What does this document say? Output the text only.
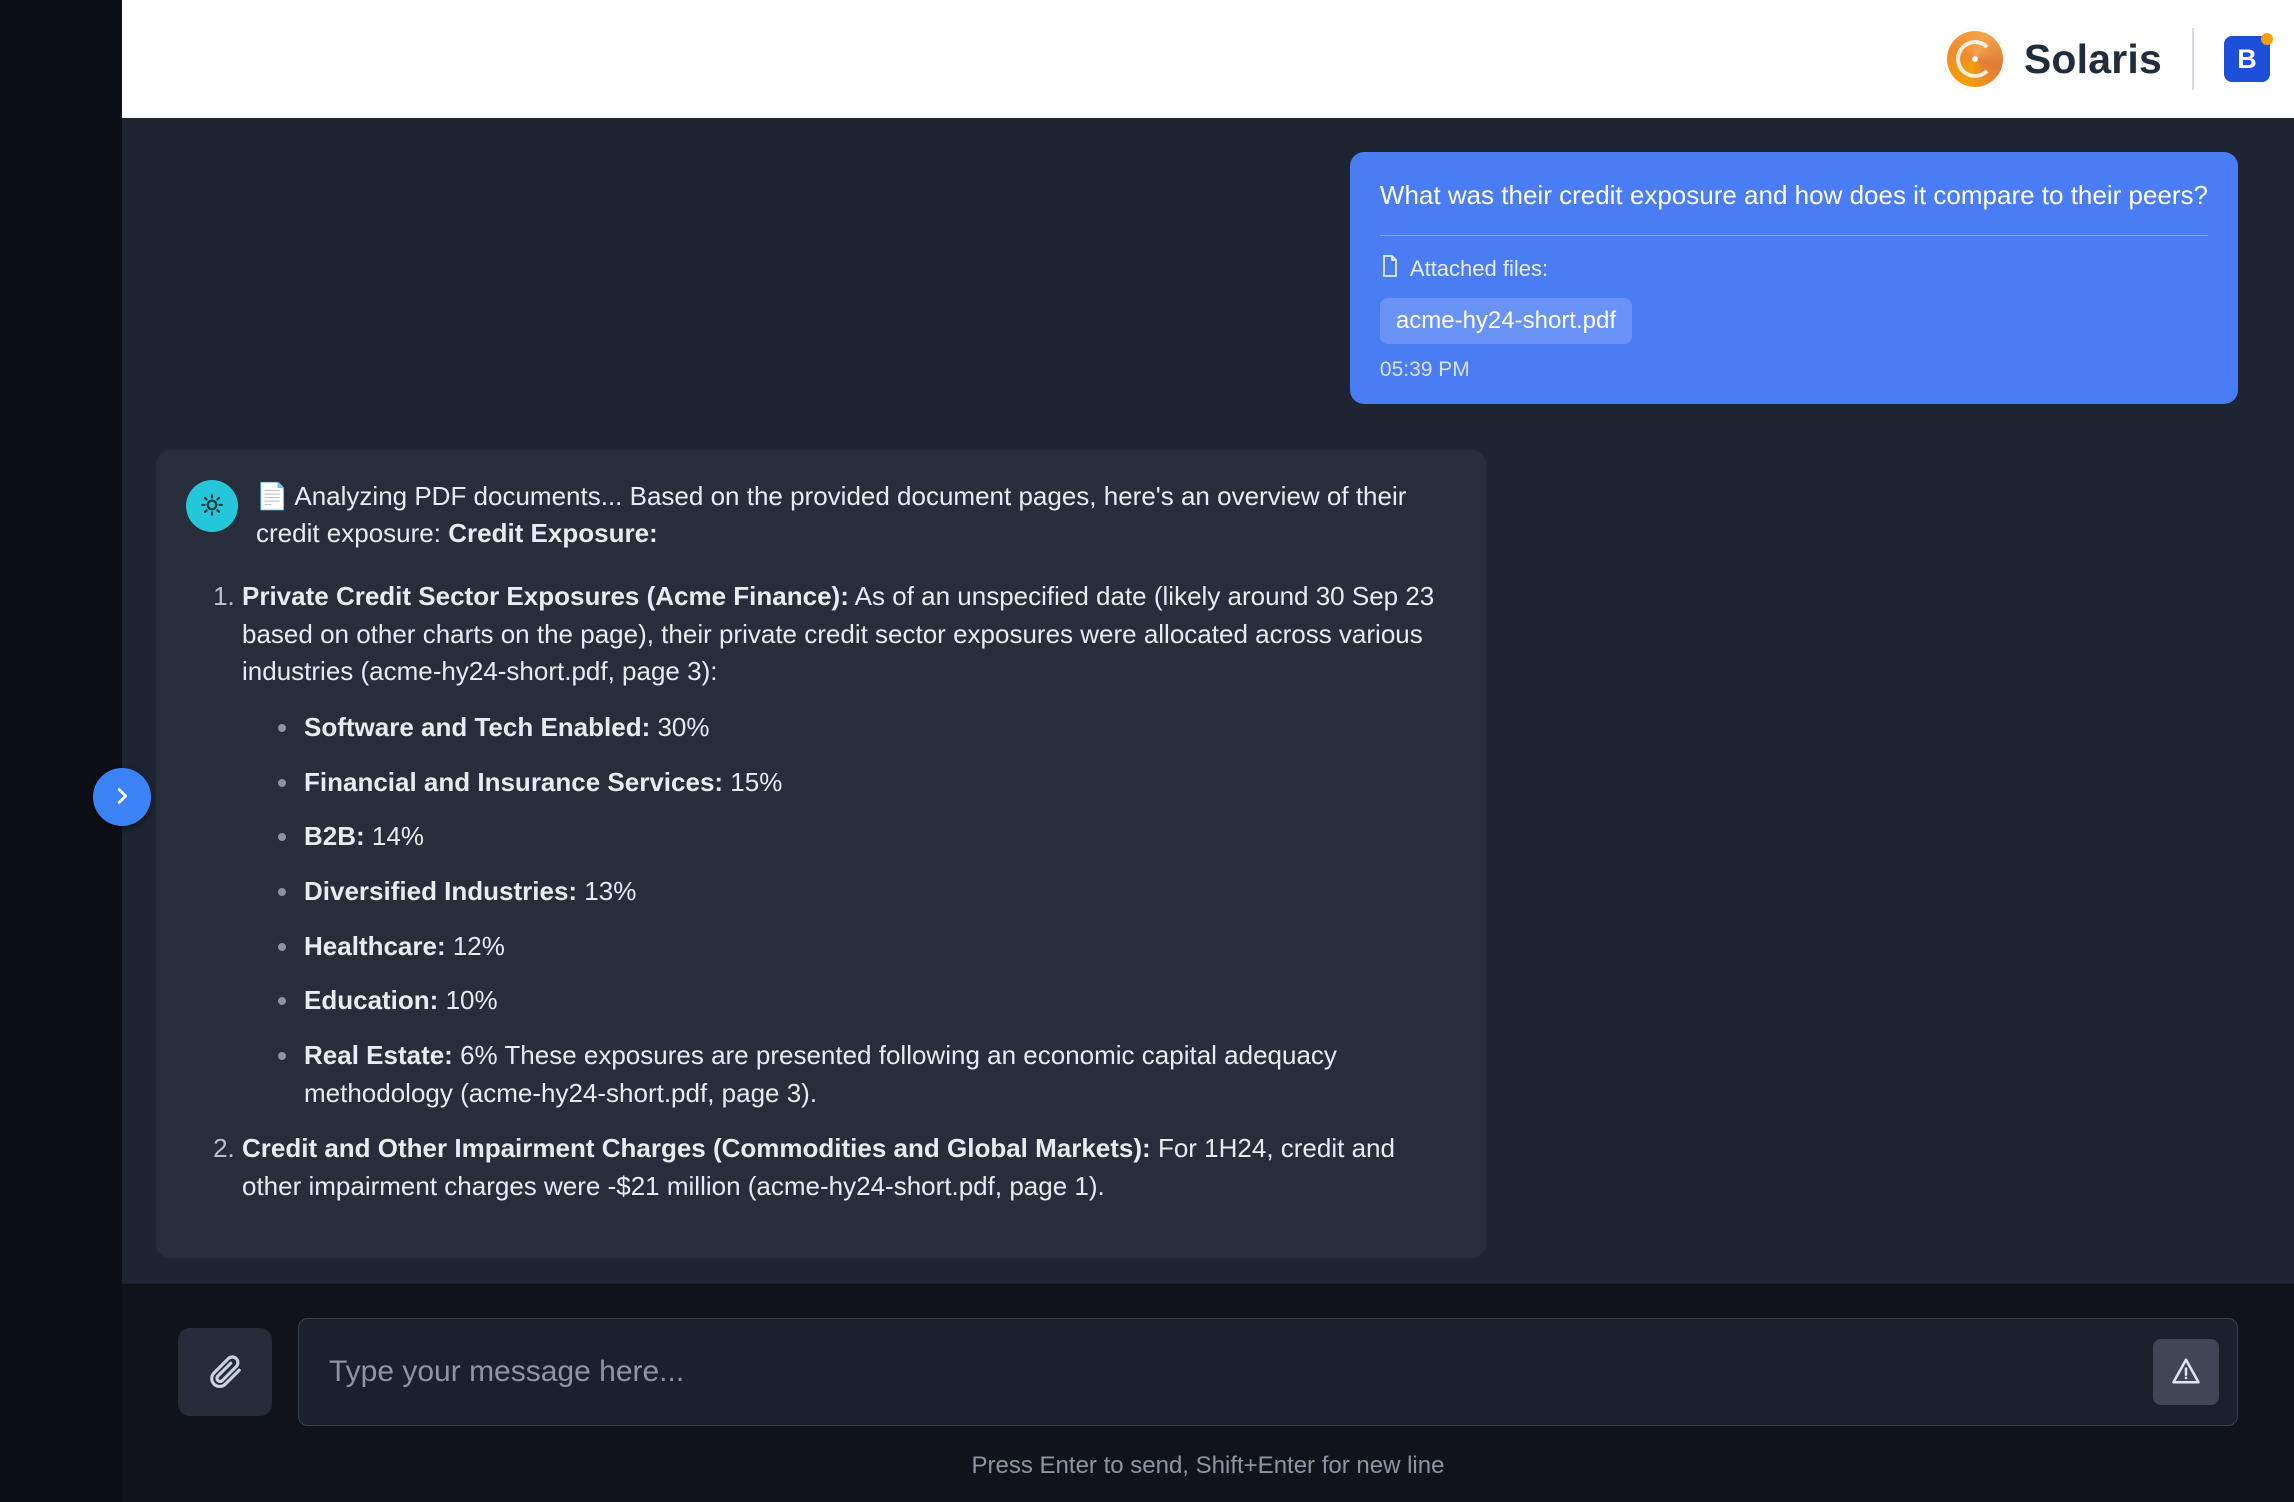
Solaris	B
What was their credit exposure and how does it compare to their peers?
Attached files:
acme-hy24-short.pdf
05:39 PM
📄 Analyzing PDF documents... Based on the provided document pages, here's an overview of their credit exposure: Credit Exposure:
1. Private Credit Sector Exposures (Acme Finance): As of an unspecified date (likely around 30 Sep 23 based on other charts on the page), their private credit sector exposures were allocated across various industries (acme-hy24-short.pdf, page 3):
Software and Tech Enabled: 30%
Financial and Insurance Services: 15%
B2B: 14%
Diversified Industries: 13%
Healthcare: 12%
Education: 10%
Real Estate: 6% These exposures are presented following an economic capital adequacy methodology (acme-hy24-short.pdf, page 3).
2. Credit and Other Impairment Charges (Commodities and Global Markets): For 1H24, credit and other impairment charges were -$21 million (acme-hy24-short.pdf, page 1).
Type your message here...
Press Enter to send, Shift+Enter for new line
